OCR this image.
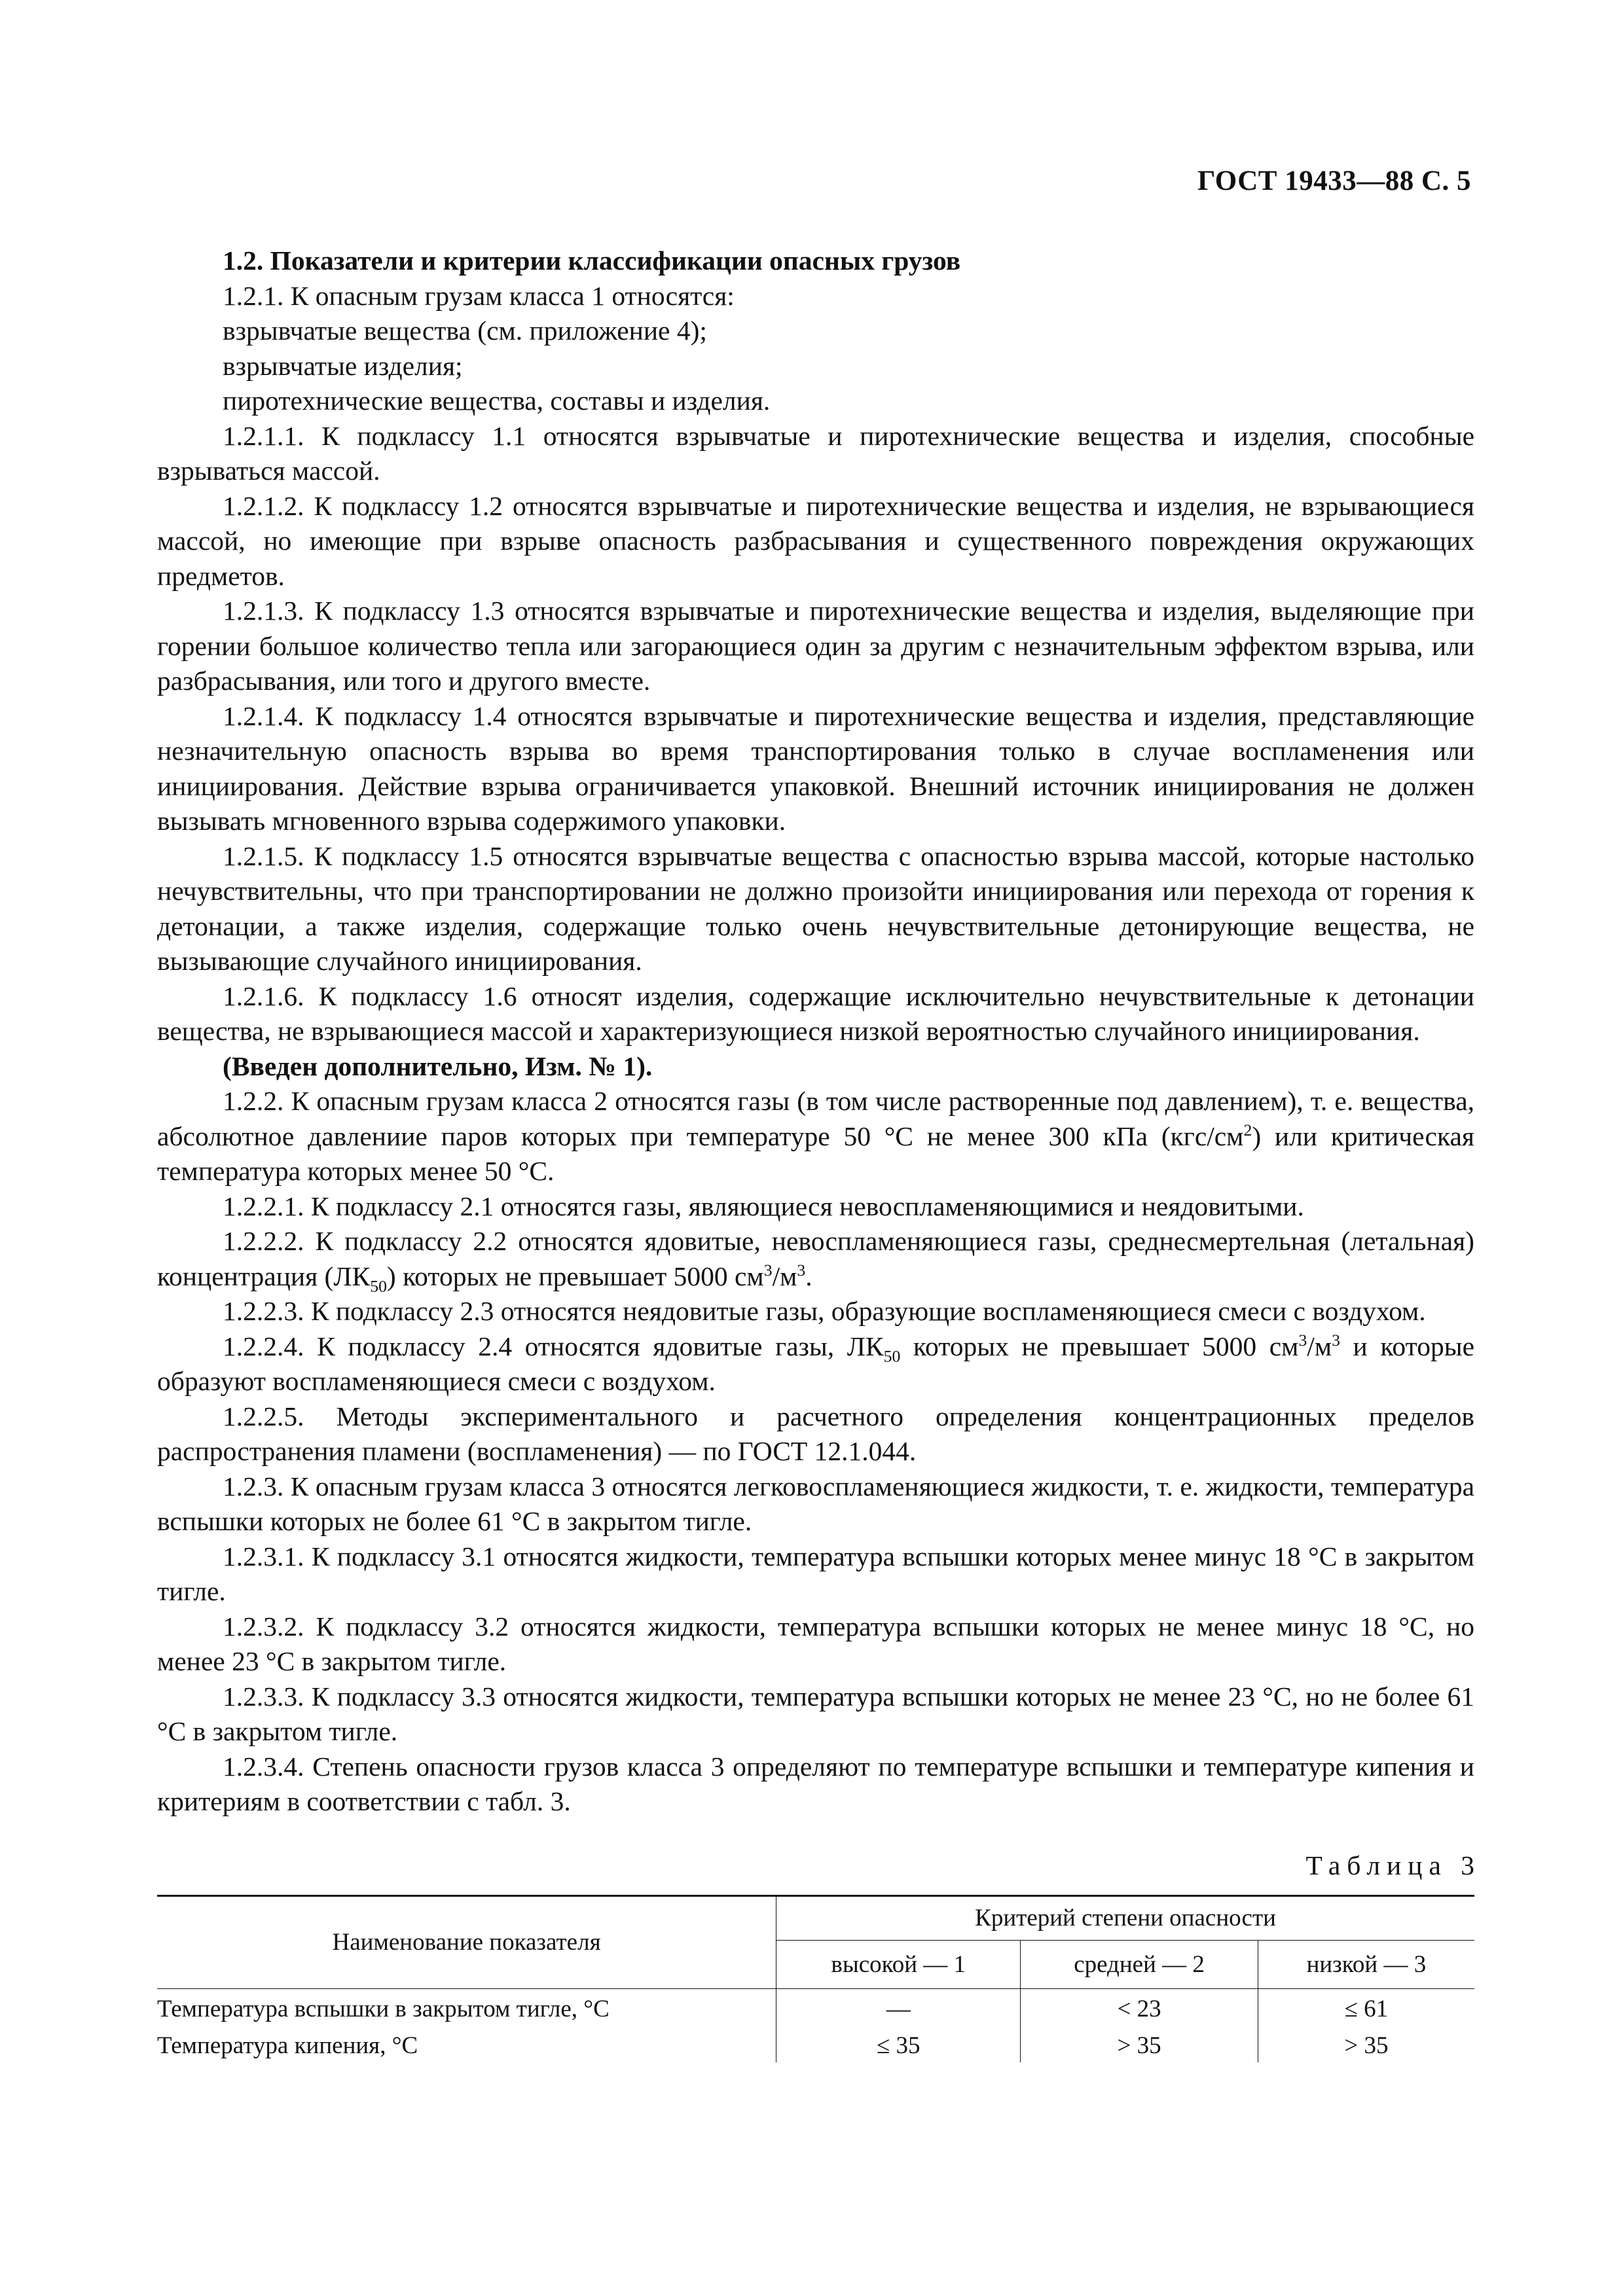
ГОСТ 19433—88 С. 5

1.2. Показатели и критерии классификации опасных грузов

1.2.1. К опасным грузам класса 1 относятся:

взрывчатые вещества (см. приложение 4);

взрывчатые изделия;

пиротехнические вещества, составы и изделия.

1.2.1.1. К подклассу 1.1 относятся взрывчатые и пиротехнические вещества и изделия, способные взрываться массой.

1.2.1.2. К подклассу 1.2 относятся взрывчатые и пиротехнические вещества и изделия, не взрывающиеся массой, но имеющие при взрыве опасность разбрасывания и существенного повреждения окружающих предметов.

1.2.1.3. К подклассу 1.3 относятся взрывчатые и пиротехнические вещества и изделия, выделяющие при горении большое количество тепла или загорающиеся один за другим с незначительным эффектом взрыва, или разбрасывания, или того и другого вместе.

1.2.1.4. К подклассу 1.4 относятся взрывчатые и пиротехнические вещества и изделия, представляющие незначительную опасность взрыва во время транспортирования только в случае воспламенения или инициирования. Действие взрыва ограничивается упаковкой. Внешний источник инициирования не должен вызывать мгновенного взрыва содержимого упаковки.

1.2.1.5. К подклассу 1.5 относятся взрывчатые вещества с опасностью взрыва массой, которые настолько нечувствительны, что при транспортировании не должно произойти инициирования или перехода от горения к детонации, а также изделия, содержащие только очень нечувствительные детонирующие вещества, не вызывающие случайного инициирования.

1.2.1.6. К подклассу 1.6 относят изделия, содержащие исключительно нечувствительные к детонации вещества, не взрывающиеся массой и характеризующиеся низкой вероятностью случайного инициирования.

(Введен дополнительно, Изм. № 1).

1.2.2. К опасным грузам класса 2 относятся газы (в том числе растворенные под давлением), т. е. вещества, абсолютное давлениие паров которых при температуре 50 °С не менее 300 кПа $(кгс/см^2)$ или критическая температура которых менее 50 °С.

1.2.2.1. К подклассу 2.1 относятся газы, являющиеся невоспламеняющимися и неядовитыми.

1.2.2.2. К подклассу 2.2 относятся ядовитые, невоспламеняющиеся газы, среднесмертельная (летальная) концентрация $(ЛК_{50})$ которых не превышает 5000 $см^3/м^3$.

1.2.2.3. К подклассу 2.3 относятся неядовитые газы, образующие воспламеняющиеся смеси с воздухом.

1.2.2.4. К подклассу 2.4 относятся ядовитые газы, $ЛК_{50}$ которых не превышает 5000 $см^3/м^3$ и которые образуют воспламеняющиеся смеси с воздухом.

1.2.2.5. Методы экспериментального и расчетного определения концентрационных пределов распространения пламени (воспламенения) — по ГОСТ 12.1.044.

1.2.3. К опасным грузам класса 3 относятся легковоспламеняющиеся жидкости, т. е. жидкости, температура вспышки которых не более 61 °С в закрытом тигле.

1.2.3.1. К подклассу 3.1 относятся жидкости, температура вспышки которых менее минус 18 °С в закрытом тигле.

1.2.3.2. К подклассу 3.2 относятся жидкости, температура вспышки которых не менее минус 18 °С, но менее 23 °С в закрытом тигле.

1.2.3.3. К подклассу 3.3 относятся жидкости, температура вспышки которых не менее 23 °С, но не более 61 °С в закрытом тигле.

1.2.3.4. Степень опасности грузов класса 3 определяют по температуре вспышки и температуре кипения и критериям в соответствии с табл. 3.

Таблица 3
Наименование показателя	Критерий степени опасности		
	высокой — 1	средней — 2	низкой — 3
Температура вспышки в закрытом тигле, °С	—	< 23	≤ 61
Температура кипения, °С	≤ 35	> 35	> 35
